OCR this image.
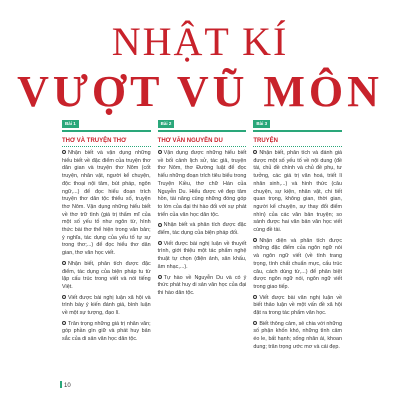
NHẬT KÍ
VƯỢT VŨ MÔN
Bài 1
THƠ VÀ TRUYỆN THƠ
Nhận biết và vận dụng những hiểu biết về đặc điểm của truyện thơ dân gian và truyện thơ Nôm (cốt truyện, nhân vật, người kể chuyện, độc thoại nội tâm, bút pháp, ngôn ngữ,...) để đọc hiểu đoạn trích truyện thơ dân tộc thiểu số, truyện thơ Nôm. Vận dụng những hiểu biết về thơ trữ tình (giá trị thẩm mĩ của một số yếu tố như ngôn từ, hình thức bài thơ thể hiện trong văn bản; ý nghĩa, tác dụng của yếu tố tự sự trong thơ;...) để đọc hiểu thơ dân gian, thơ văn học viết.
Nhận biết, phân tích được đặc điểm, tác dụng của biện pháp tu từ lặp cấu trúc trong viết và nói tiếng Việt.
Viết được bài nghị luận xã hội và trình bày ý kiến đánh giá, bình luận về một sự tượng, đạo lí.
Trân trọng những giá trị nhân văn; góp phần gìn giữ và phát huy bản sắc của di sản văn học dân tộc.
Bài 2
THƠ VĂN NGUYỄN DU
Vận dụng được những hiểu biết về bối cảnh lịch sử, tác giả, truyện thơ Nôm, thơ Đường luật để đọc hiểu những đoạn trích tiêu biểu trong Truyện Kiều, thơ chữ Hán của Nguyễn Du. Hiểu được vẻ đẹp tâm hồn, tài năng cùng những đóng góp to lớn của đại thi hào đối với sự phát triển của văn học dân tộc.
Nhận biết và phân tích được đặc điểm, tác dụng của biện pháp đối.
Viết được bài nghị luận về thuyết trình, giới thiệu một tác phẩm nghệ thuật tự chọn (điện ảnh, sân khấu, âm nhạc,...).
Tự hào về Nguyễn Du và có ý thức phát huy di sản văn học của đại thi hào dân tộc.
Bài 3
TRUYỆN
Nhận biết, phân tích và đánh giá được một số yếu tố về nội dung (đề tài, chủ đề chính và chủ đề phụ, tư tưởng, các giá trị văn hoá, triết lí nhân sinh,...) và hình thức (câu chuyện, sự kiện, nhân vật, chi tiết quan trọng, không gian, thời gian, người kể chuyện, sự thay đổi điểm nhìn) của các văn bản truyện; so sánh được hai văn bản văn học viết cùng đề tài.
Nhận diện và phân tích được những đặc điểm của ngôn ngữ nói và ngôn ngữ viết (về tính trang trọng, tính chất chuẩn mực, cấu trúc câu, cách dùng từ,...) để phân biệt được ngôn ngữ nói, ngôn ngữ viết trong giao tiếp.
Viết được bài văn nghị luận về biết thảo luận về một vấn đề xã hội đặt ra trong tác phẩm văn học.
Biết thông cảm, sẻ chia với những số phận khốn khó, những tình cảm éo le, bất hạnh; sống nhân ái, khoan dung; trân trọng ước mơ và cái đẹp.
10
